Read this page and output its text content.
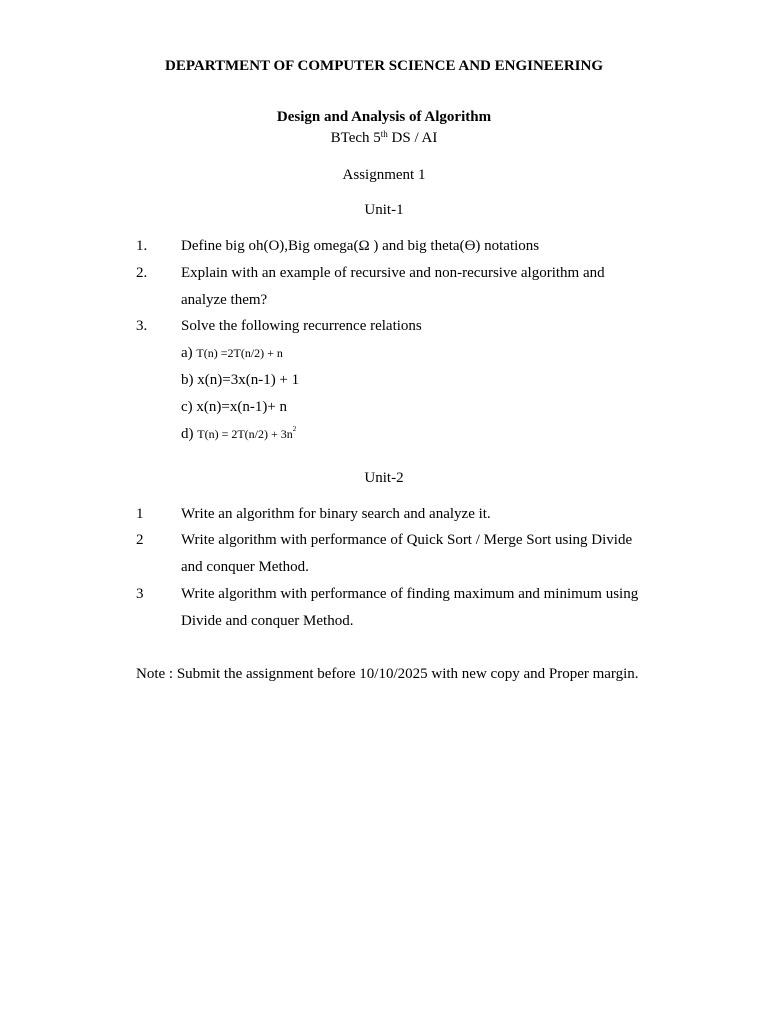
DEPARTMENT OF COMPUTER SCIENCE AND ENGINEERING
Design and Analysis of Algorithm
BTech 5th DS / AI
Assignment 1
Unit-1
1. Define big oh(O),Big omega(Ω ) and big theta(Ө) notations
2. Explain with an example of recursive and non-recursive algorithm and
analyze them?
3. Solve the following recurrence relations
a) T(n) =2T(n/2) + n
b) x(n)=3x(n-1) + 1
c) x(n)=x(n-1)+ n
d) $T(n) = 2T(n/2) + 3n^2$
Unit-2
1	Write an algorithm for binary search and analyze it.
2	Write algorithm with performance of Quick Sort / Merge Sort using Divide
and conquer Method.
3	Write algorithm with performance of finding maximum and minimum using
Divide and conquer Method.
Note : Submit the assignment before 10/10/2025 with new copy and Proper margin.
